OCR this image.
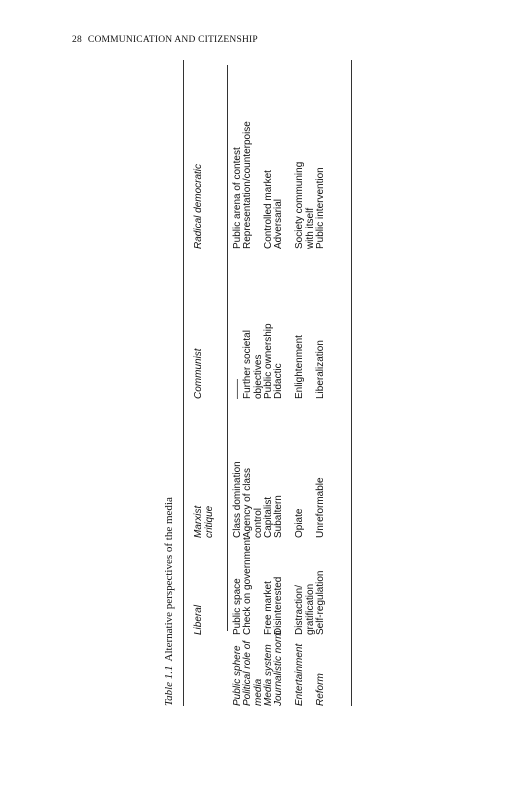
28 COMMUNICATION AND CITIZENSHIP
Table 1.1Alternative perspectives of the media Liberal
Marxist critique
Communist
Radical democratic
Public sphere
Public space
Class domination
——
Public arena of contest
Political role of media
Check on government
Agency of class control
Further societal objectives
Representation/counterpoise
Media system
Free market
Capitalist
Public ownership
Controlled market
Journalistic norm
Disinterested
Subaltern
Didactic
Adversarial
Entertainment
Distraction/ gratification
Opiate
Enlightenment
Society communing with itself
Reform
Self-regulation
Unreformable
Liberalization
Public intervention
